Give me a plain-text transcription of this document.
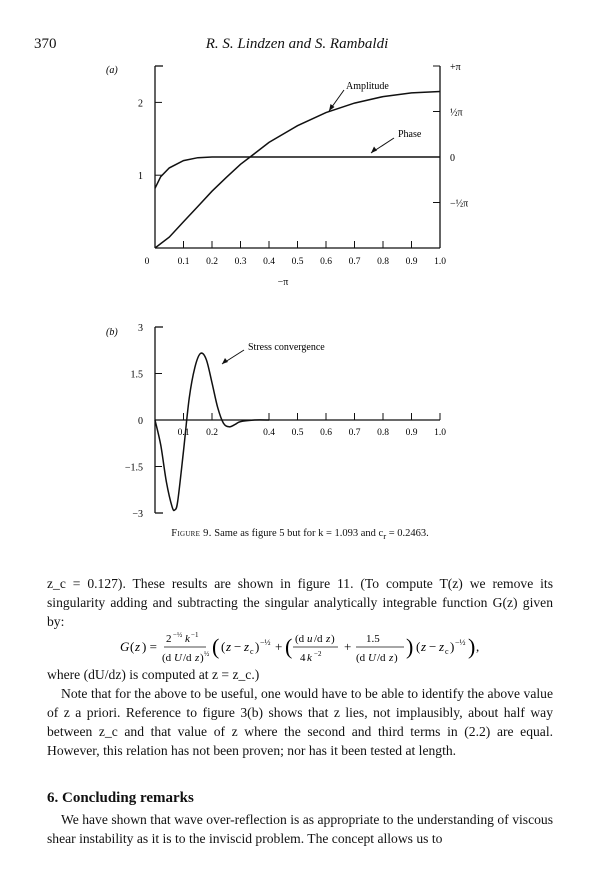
370	R. S. Lindzen and S. Rambaldi
(a)
0	0.1 0.2 0.3 0.4 0.5 0.6 0.7 0.8 0.9 1.0
1
2
+π
½π
0
−½π
Amplitude
Phase
−π
(b)
0.1 0.2	0.4 0.5 0.6 0.7 0.8 0.9 1.0
3
1.5
0
−1.5
−3
Stress convergence
Figure 9. Same as figure 5 but for k = 1.093 and $c_r = 0.2463$.
z_c = 0.127). These results are shown in figure 11. (To compute T(z) we remove its singularity adding and subtracting the singular analytically integrable function G(z) given by:
G ( z ) = 2 −½ k −1
(d U /d z ) ½ ( ( z − z c ) −½ + ( (d u /d z )
4 k −2 + 1.5
(d U /d z ) ) ( z − z c ) −½ ) ,
where (dU/dz) is computed at z = z_c.)
Note that for the above to be useful, one would have to be able to identify the above value of z a priori. Reference to figure 3(b) shows that z lies, not implausibly, about half way between z_c and that value of z where the second and third terms in (2.2) are equal. However, this relation has not been proven; nor has it been tested at length.
6. Concluding remarks
We have shown that wave over-reflection is as appropriate to the understanding of viscous shear instability as it is to the inviscid problem. The concept allows us to
